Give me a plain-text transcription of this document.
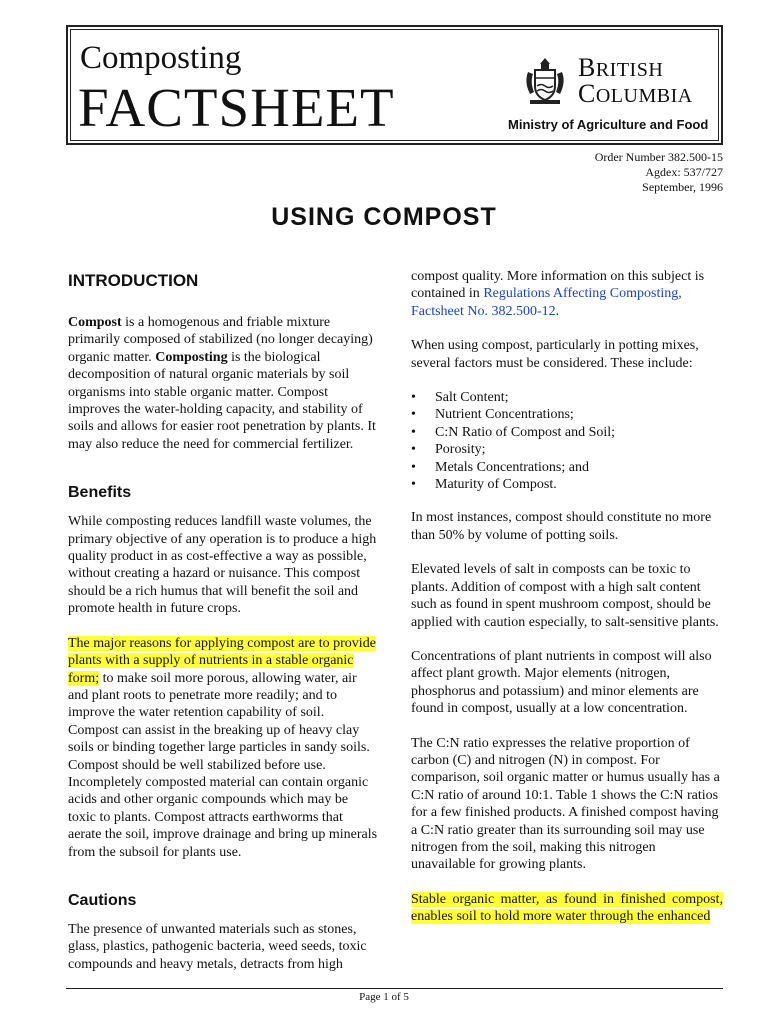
Composting
FACTSHEET
BRITISH
COLUMBIA
Ministry of Agriculture and Food
Order Number 382.500-15
Agdex: 537/727
September, 1996
USING COMPOST
INTRODUCTION

Compost is a homogenous and friable mixture primarily composed of stabilized (no longer decaying) organic matter. Composting is the biological decomposition of natural organic materials by soil organisms into stable organic matter. Compost improves the water-holding capacity, and stability of soils and allows for easier root penetration by plants. It may also reduce the need for commercial fertilizer.

Benefits

While composting reduces landfill waste volumes, the primary objective of any operation is to produce a high quality product in as cost-effective a way as possible, without creating a hazard or nuisance. This compost should be a rich humus that will benefit the soil and promote health in future crops.

The major reasons for applying compost are to provide plants with a supply of nutrients in a stable organic form; to make soil more porous, allowing water, air and plant roots to penetrate more readily; and to improve the water retention capability of soil. Compost can assist in the breaking up of heavy clay soils or binding together large particles in sandy soils. Compost should be well stabilized before use. Incompletely composted material can contain organic acids and other organic compounds which may be toxic to plants. Compost attracts earthworms that aerate the soil, improve drainage and bring up minerals from the subsoil for plants use.

Cautions

The presence of unwanted materials such as stones, glass, plastics, pathogenic bacteria, weed seeds, toxic compounds and heavy metals, detracts from high

compost quality. More information on this subject is contained in Regulations Affecting Composting, Factsheet No. 382.500-12.

When using compost, particularly in potting mixes, several factors must be considered. These include:

• Salt Content;
• Nutrient Concentrations;
• C:N Ratio of Compost and Soil;
• Porosity;
• Metals Concentrations; and
• Maturity of Compost.

In most instances, compost should constitute no more than 50% by volume of potting soils.

Elevated levels of salt in composts can be toxic to plants. Addition of compost with a high salt content such as found in spent mushroom compost, should be applied with caution especially, to salt-sensitive plants.

Concentrations of plant nutrients in compost will also affect plant growth. Major elements (nitrogen, phosphorus and potassium) and minor elements are found in compost, usually at a low concentration.

The C:N ratio expresses the relative proportion of carbon (C) and nitrogen (N) in compost. For comparison, soil organic matter or humus usually has a C:N ratio of around 10:1. Table 1 shows the C:N ratios for a few finished products. A finished compost having a C:N ratio greater than its surrounding soil may use nitrogen from the soil, making this nitrogen unavailable for growing plants.

Stable organic matter, as found in finished compost, enables soil to hold more water through the enhanced

Page 1 of 5
